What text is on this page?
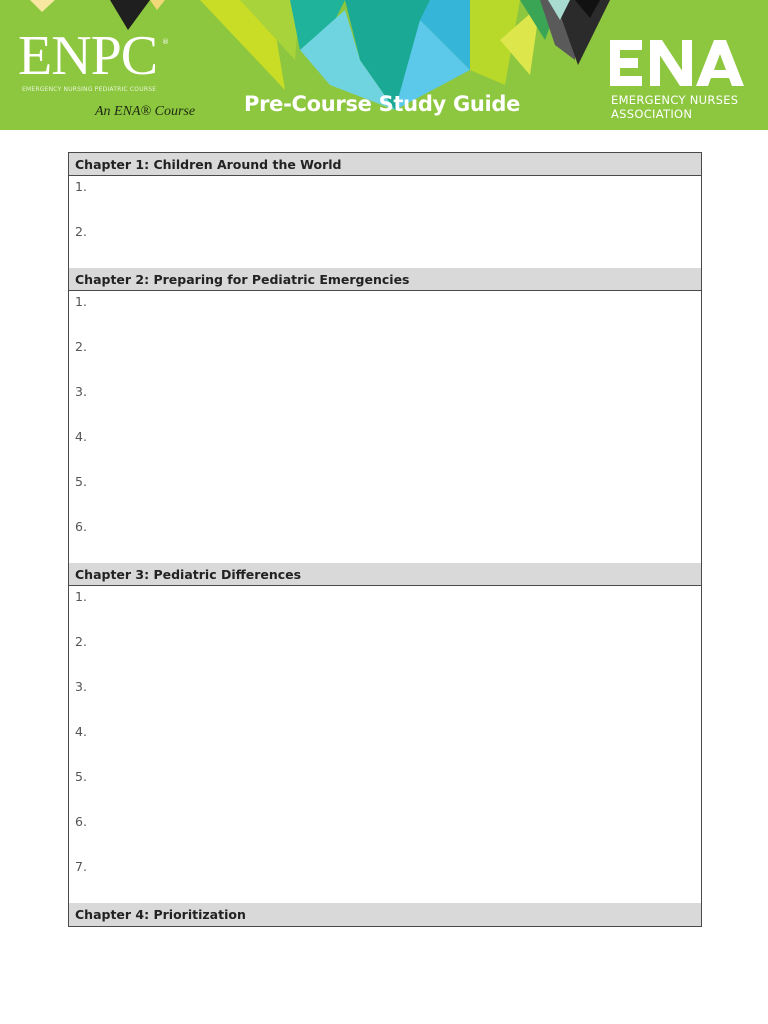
ENPC ®
EMERGENCY NURSING PEDIATRIC COURSE
An ENA® Course Pre-Course Study Guide	EMERGENCY NURSES
ASSOCIATION
Chapter 1: Children Around the World
1.
2.
Chapter 2: Preparing for Pediatric Emergencies
1.
2.
3.
4.
5.
6.
Chapter 3: Pediatric Differences
1.
2.
3.
4.
5.
6.
7.
Chapter 4: Prioritization
